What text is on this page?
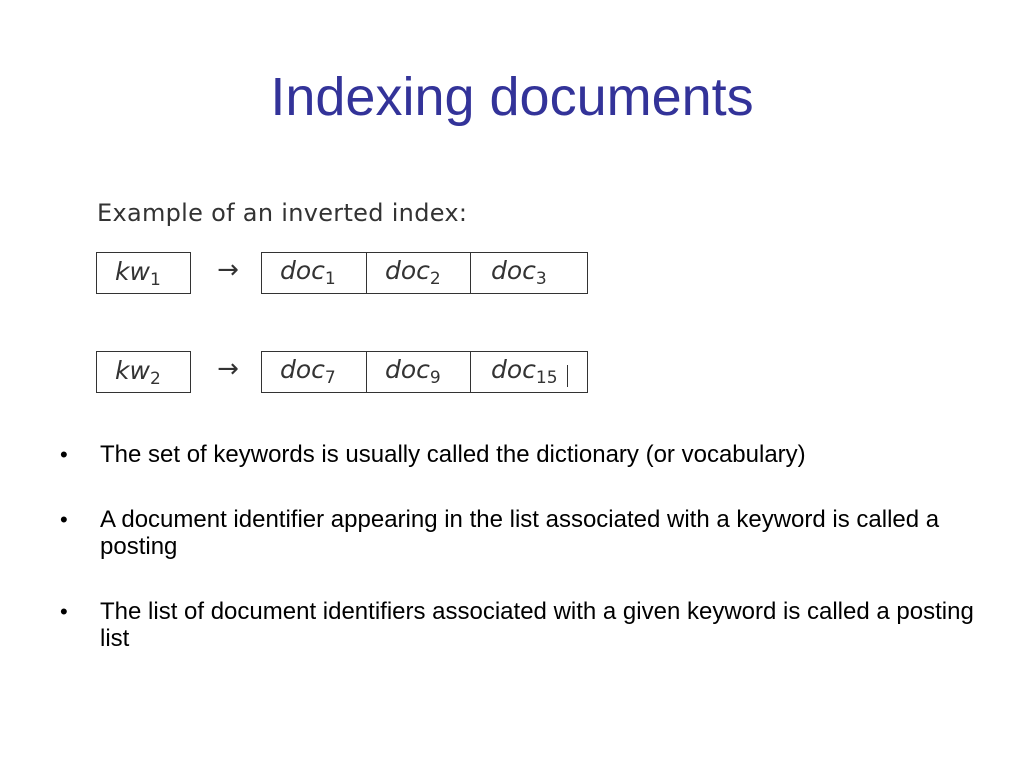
Indexing documents
Example of an inverted index:
$kw_1$	→	doc$_1$	doc$_2$	doc$_3$
$kw_2$	→	doc$_7$	doc$_9$	doc$_{15}$
• The set of keywords is usually called the dictionary (or vocabulary)
• A document identifier appearing in the list associated with a keyword is called a posting
• The list of document identifiers associated with a given keyword is called a posting list
